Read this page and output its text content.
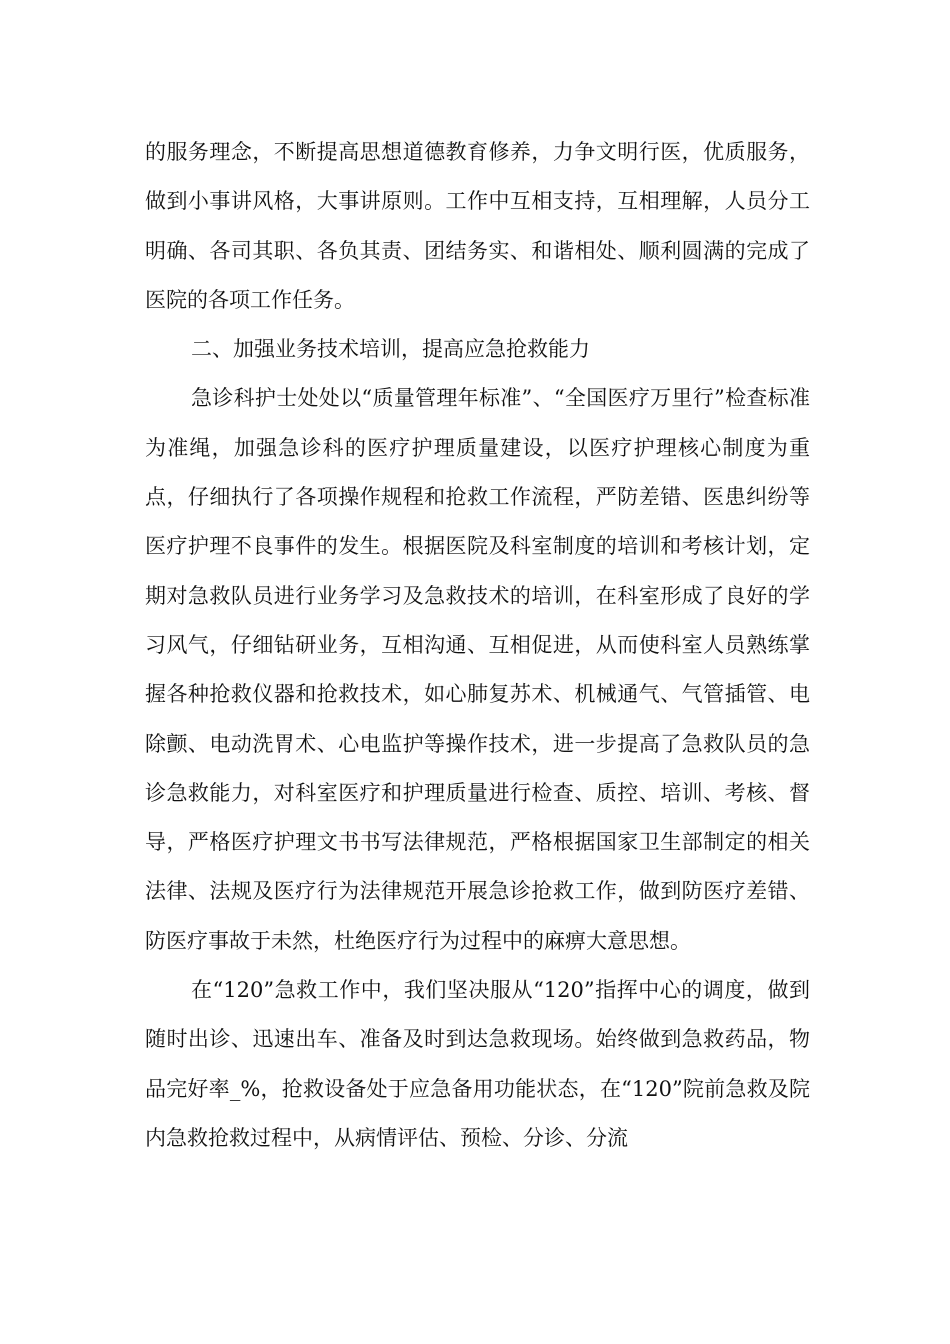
的服务理念，不断提高思想道德教育修养，力争文明行医，优质服务，做到小事讲风格，大事讲原则。工作中互相支持，互相理解，人员分工明确、各司其职、各负其责、团结务实、和谐相处、顺利圆满的完成了医院的各项工作任务。

二、加强业务技术培训，提高应急抢救能力

急诊科护士处处以“质量管理年标准”、“全国医疗万里行”检查标准为准绳，加强急诊科的医疗护理质量建设，以医疗护理核心制度为重点，仔细执行了各项操作规程和抢救工作流程，严防差错、医患纠纷等医疗护理不良事件的发生。根据医院及科室制度的培训和考核计划，定期对急救队员进行业务学习及急救技术的培训，在科室形成了良好的学习风气，仔细钻研业务，互相沟通、互相促进，从而使科室人员熟练掌握各种抢救仪器和抢救技术，如心肺复苏术、机械通气、气管插管、电除颤、电动洗胃术、心电监护等操作技术，进一步提高了急救队员的急诊急救能力，对科室医疗和护理质量进行检查、质控、培训、考核、督导，严格医疗护理文书书写法律规范，严格根据国家卫生部制定的相关法律、法规及医疗行为法律规范开展急诊抢救工作，做到防医疗差错、防医疗事故于未然，杜绝医疗行为过程中的麻痹大意思想。

在“120”急救工作中，我们坚决服从“120”指挥中心的调度，做到随时出诊、迅速出车、准备及时到达急救现场。始终做到急救药品，物品完好率_%，抢救设备处于应急备用功能状态，在“120”院前急救及院内急救抢救过程中，从病情评估、预检、分诊、分流
